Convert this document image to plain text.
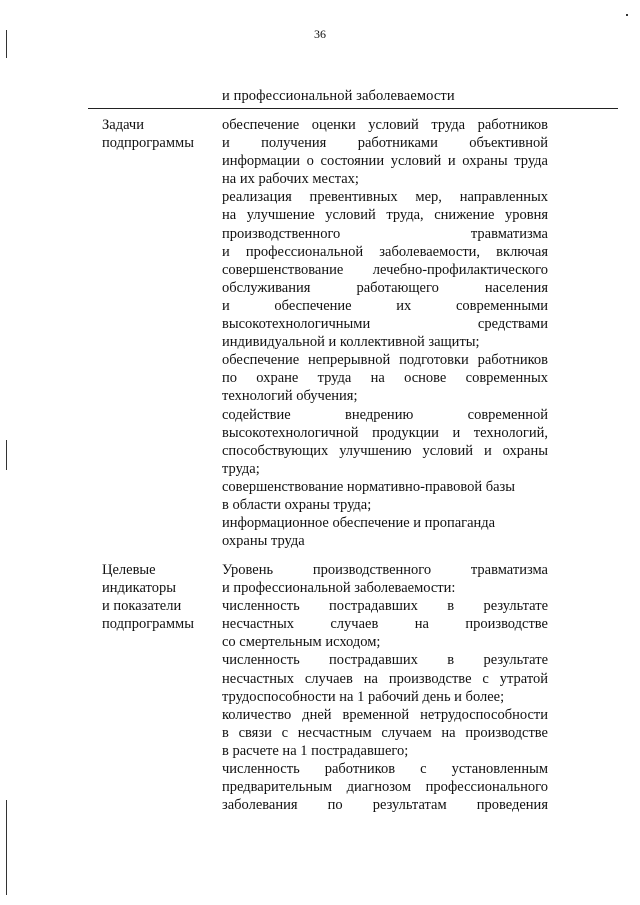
36
и профессиональной заболеваемости
Задачи
подпрограммы
обеспечение оценки условий труда работников
и получения работниками объективной
информации о состоянии условий и охраны труда
на их рабочих местах;
реализация превентивных мер, направленных
на улучшение условий труда, снижение уровня
производственного травматизма
и профессиональной заболеваемости, включая
совершенствование лечебно-профилактического
обслуживания работающего населения
и обеспечение их современными
высокотехнологичными средствами
индивидуальной и коллективной защиты;
обеспечение непрерывной подготовки работников
по охране труда на основе современных
технологий обучения;
содействие внедрению современной
высокотехнологичной продукции и технологий,
способствующих улучшению условий и охраны
труда;
совершенствование нормативно-правовой базы
в области охраны труда;
информационное обеспечение и пропаганда
охраны труда
Целевые
индикаторы
и показатели
подпрограммы
Уровень производственного травматизма
и профессиональной заболеваемости:
численность пострадавших в результате
несчастных случаев на производстве
со смертельным исходом;
численность пострадавших в результате
несчастных случаев на производстве с утратой
трудоспособности на 1 рабочий день и более;
количество дней временной нетрудоспособности
в связи с несчастным случаем на производстве
в расчете на 1 пострадавшего;
численность работников с установленным
предварительным диагнозом профессионального
заболевания по результатам проведения
